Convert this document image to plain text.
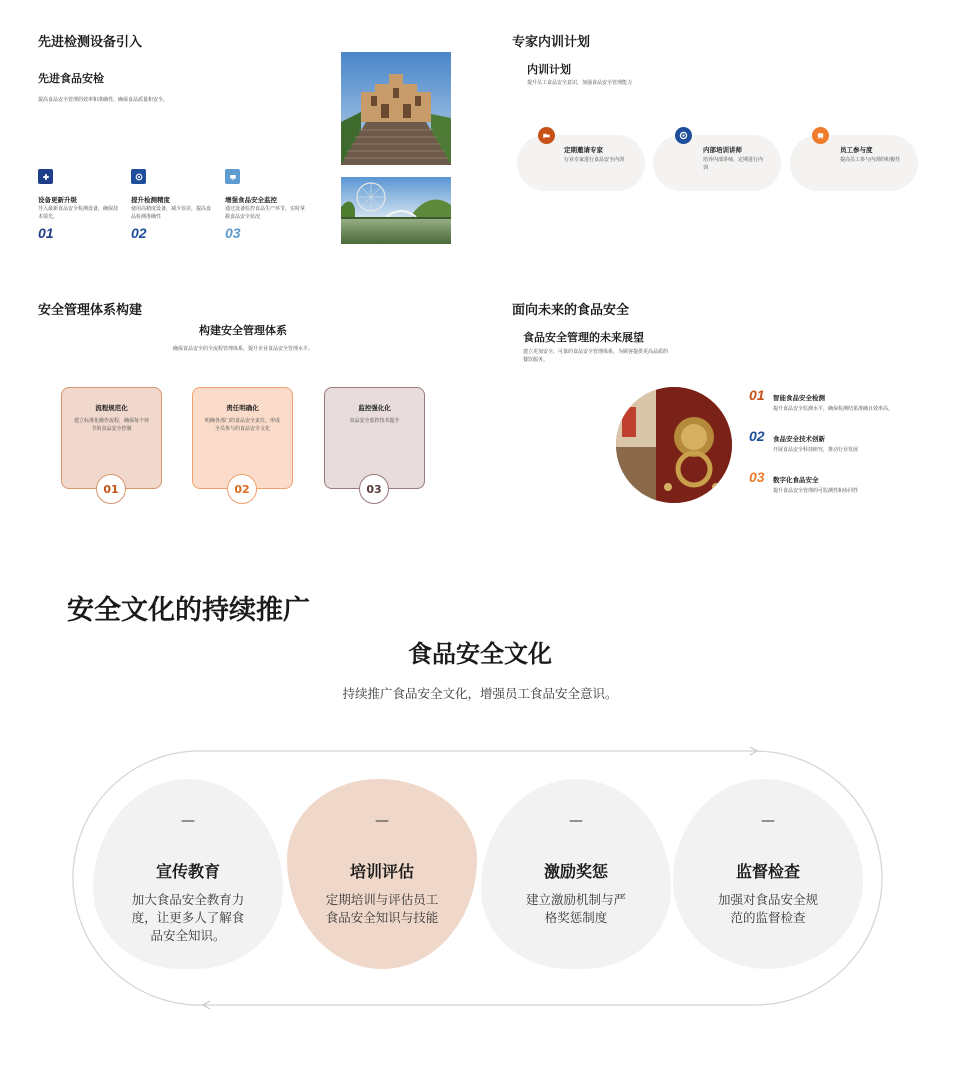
先进检测设备引入
先进食品安检
提高食品安全管理的效率和准确性，确保食品质量和安全。
设备更新升级
导入最新食品安全检测设备，确保技术领先。
01
提升检测精度
使用高精度设备，减少误差，提高食品检测准确性
02
增强食品安全监控
通过设备监控食品生产环节，实时掌握食品安全状况
03
专家内训计划
内训计划
提升员工食品安全意识，加强食品安全管理能力
定期邀请专家
行业专家进行食品安全内训
内部培训讲师
培养内部讲师，定期进行内训
员工参与度
提高员工参与内训的积极性
安全管理体系构建
构建安全管理体系
确保食品安全的全流程管理体系，提升企业食品安全管理水平。
流程规范化
建立标准化操作流程，确保每个环节的食品安全控制
01
责任明确化
明确各部门的食品安全责任，形成全员参与的食品安全文化
02
监控强化化
食品安全监控技术提升
03
面向未来的食品安全
食品安全管理的未来展望
建立更加安全、可靠的食品安全管理体系，为顾客提供更高品质的餐饮服务。
01 智能食品安全检测
提升食品安全监测水平，确保检测结果准确且效率高。
02 食品安全技术创新
开展食品安全科技研究，推动行业发展
03 数字化食品安全
提升食品安全管理的可监测性和协同性
安全文化的持续推广
食品安全文化
持续推广食品安全文化，增强员工食品安全意识。
—
宣传教育
加大食品安全教育力度，让更多人了解食品安全知识。
—
培训评估
定期培训与评估员工食品安全知识与技能
—
激励奖惩
建立激励机制与严格奖惩制度
—
监督检查
加强对食品安全规范的监督检查
